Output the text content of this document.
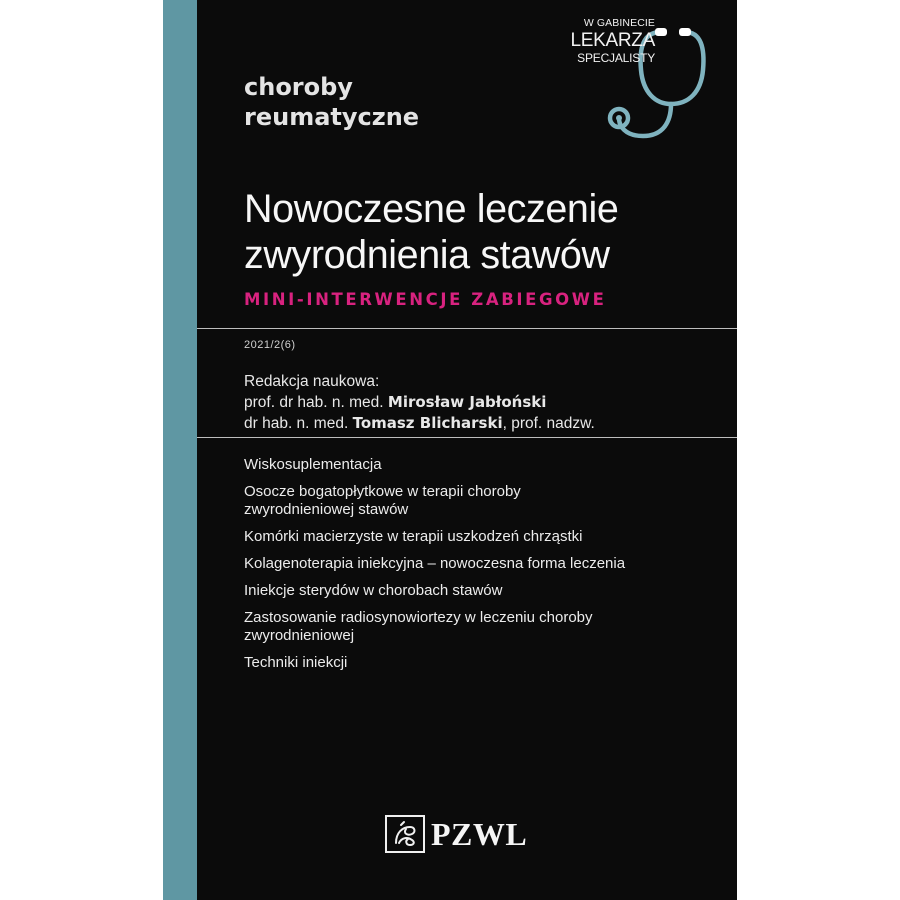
W GABINECIE
LEKARZA
SPECJALISTY
choroby
reumatyczne
Nowoczesne leczenie
zwyrodnienia stawów
MINI-INTERWENCJE ZABIEGOWE
2021/2(6)
Redakcja naukowa:
prof. dr hab. n. med. Mirosław Jabłoński
dr hab. n. med. Tomasz Blicharski, prof. nadzw.
Wiskosuplementacja
Osocze bogatopłytkowe w terapii choroby
zwyrodnieniowej stawów
Komórki macierzyste w terapii uszkodzeń chrząstki
Kolagenoterapia iniekcyjna – nowoczesna forma leczenia
Iniekcje sterydów w chorobach stawów
Zastosowanie radiosynowiortezy w leczeniu choroby
zwyrodnieniowej
Techniki iniekcji
PZWL
